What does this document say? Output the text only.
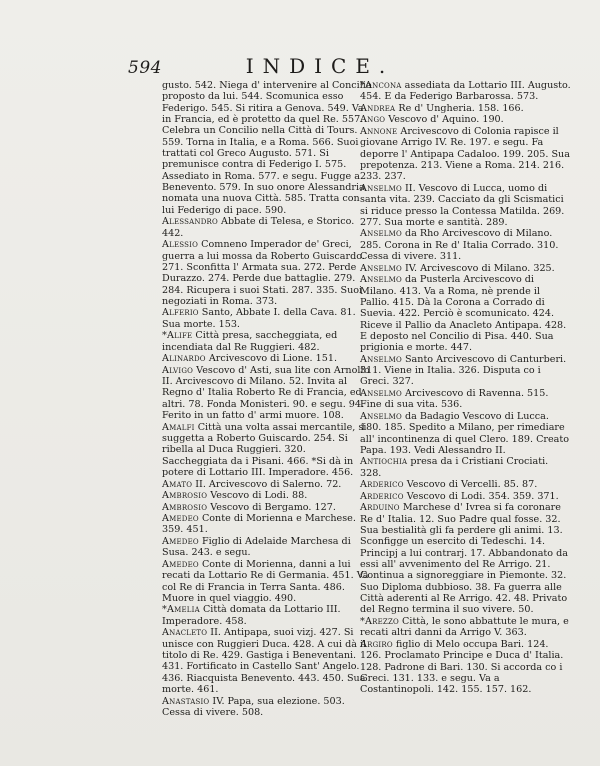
594	INDICE.

gusto. 542. Niega d' intervenire al Concilio proposto da lui. 544. Scomunica esso Federigo. 545. Si ritira a Genova. 549. Va in Francia, ed è protetto da quel Re. 557. Celebra un Concilio nella Città di Tours. 559. Torna in Italia, e a Roma. 566. Suoi trattati col Greco Augusto. 571. Si premunisce contra di Federigo I. 575. Assediato in Roma. 577. e segu. Fugge a Benevento. 579. In suo onore Alessandria nomata una nuova Città. 585. Tratta con lui Federigo di pace. 590.

Alessandro Abbate di Telesa, e Storico. 442.

Alessio Comneno Imperador de' Greci, guerra a lui mossa da Roberto Guiscardo. 271. Sconfitta l' Armata sua. 272. Perde Durazzo. 274. Perde due battaglie. 279. 284. Ricupera i suoi Stati. 287. 335. Suoi negoziati in Roma. 373.

Alferio Santo, Abbate I. della Cava. 81. Sua morte. 153.

*Alife Città presa, saccheggiata, ed incendiata dal Re Ruggieri. 482.

Alinardo Arcivescovo di Lione. 151.

Alvigo Vescovo d' Asti, sua lite con Arnolfo II. Arcivescovo di Milano. 52. Invita al Regno d' Italia Roberto Re di Francia, ed altri. 78. Fonda Monisteri. 90. e segu. 94. Ferito in un fatto d' armi muore. 108.

Amalfi Città una volta assai mercantile, si suggetta a Roberto Guiscardo. 254. Si ribella al Duca Ruggieri. 320. Saccheggiata da i Pisani. 466. *Si dà in potere di Lottario III. Imperadore. 456.

Amato II. Arcivescovo di Salerno. 72.

Ambrosio Vescovo di Lodi. 88.

Ambrosio Vescovo di Bergamo. 127.

Amedeo Conte di Morienna e Marchese. 359. 451.

Amedeo Figlio di Adelaide Marchesa di Susa. 243. e segu.

Amedeo Conte di Morienna, danni a lui recati da Lottario Re di Germania. 451. Va col Re di Francia in Terra Santa. 486. Muore in quel viaggio. 490.

*Amelia Città domata da Lottario III. Imperadore. 458.

Anacleto II. Antipapa, suoi vizj. 427. Si unisce con Ruggieri Duca. 428. A cui dà il titolo di Re. 429. Gastiga i Beneventani. 431. Fortificato in Castello Sant' Angelo. 436. Riacquista Benevento. 443. 450. Sua morte. 461.

Anastasio IV. Papa, sua elezione. 503. Cessa di vivere. 508.

*Ancona assediata da Lottario III. Augusto. 454. E da Federigo Barbarossa. 573.

Andrea Re d' Ungheria. 158. 166.

Ango Vescovo d' Aquino. 190.

Annone Arcivescovo di Colonia rapisce il giovane Arrigo IV. Re. 197. e segu. Fa deporre l' Antipapa Cadaloo. 199. 205. Sua prepotenza. 213. Viene a Roma. 214. 216. 233. 237.

Anselmo II. Vescovo di Lucca, uomo di santa vita. 239. Cacciato da gli Scismatici si riduce presso la Contessa Matilda. 269. 277. Sua morte e santità. 289.

Anselmo da Rho Arcivescovo di Milano. 285. Corona in Re d' Italia Corrado. 310. Cessa di vivere. 311.

Anselmo IV. Arcivescovo di Milano. 325.

Anselmo da Pusterla Arcivescovo di Milano. 413. Va a Roma, nè prende il Pallio. 415. Dà la Corona a Corrado di Suevia. 422. Perciò è scomunicato. 424. Riceve il Pallio da Anacleto Antipapa. 428. E deposto nel Concilio di Pisa. 440. Sua prigionia e morte. 447.

Anselmo Santo Arcivescovo di Canturberi. 311. Viene in Italia. 326. Disputa co i Greci. 327.

Anselmo Arcivescovo di Ravenna. 515. Fine di sua vita. 536.

Anselmo da Badagio Vescovo di Lucca. 180. 185. Spedito a Milano, per rimediare all' incontinenza di quel Clero. 189. Creato Papa. 193. Vedi Alessandro II.

Antiochia presa da i Cristiani Crociati. 328.

Arderico Vescovo di Vercelli. 85. 87.

Arderico Vescovo di Lodi. 354. 359. 371.

Arduino Marchese d' Ivrea si fa coronare Re d' Italia. 12. Suo Padre qual fosse. 32. Sua bestialità gli fa perdere gli animi. 13. Sconfigge un esercito di Tedeschi. 14. Principj a lui contrarj. 17. Abbandonato da essi all' avvenimento del Re Arrigo. 21. Continua a signoreggiare in Piemonte. 32. Suo Diploma dubbioso. 38. Fa guerra alle Città aderenti al Re Arrigo. 42. 48. Privato del Regno termina il suo vivere. 50.

*Arezzo Città, le sono abbattute le mura, e recati altri danni da Arrigo V. 363.

Argiro figlio di Melo occupa Bari. 124. 126. Proclamato Principe e Duca d' Italia. 128. Padrone di Bari. 130. Si accorda co i Greci. 131. 133. e segu. Va a Costantinopoli. 142. 155. 157. 162.
